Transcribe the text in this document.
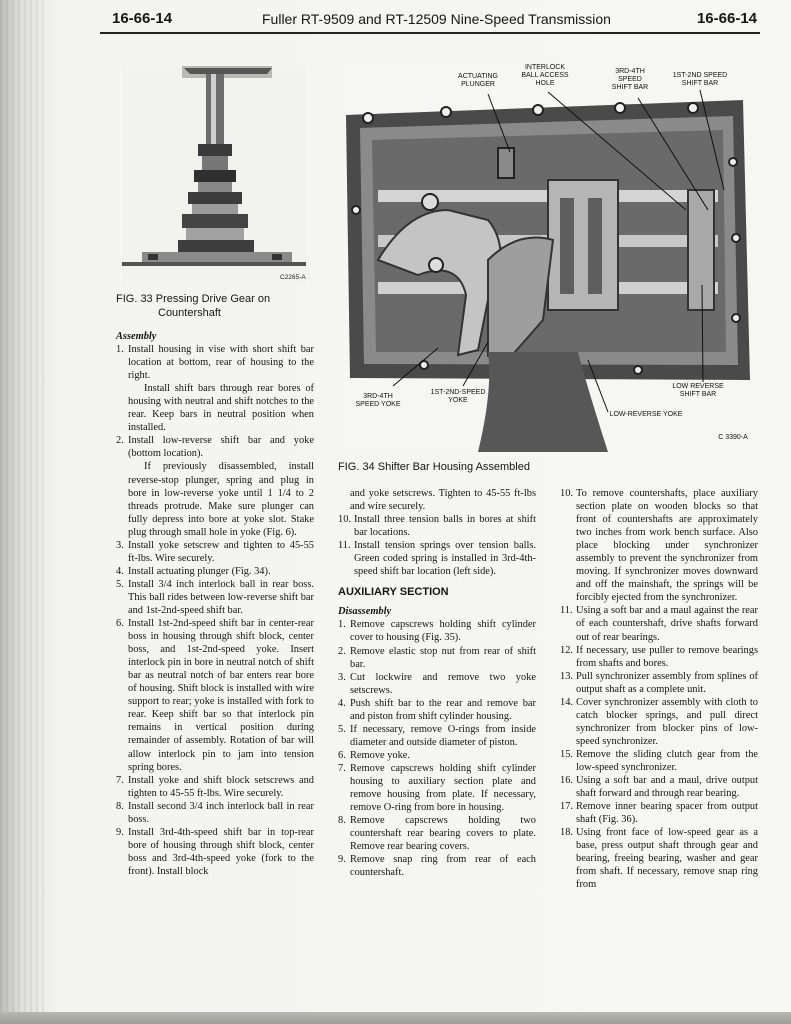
16-66-14	Fuller RT-9509 and RT-12509 Nine-Speed Transmission	16-66-14
C2265-A
FIG. 33 Pressing Drive Gear on
Countershaft
ACTUATING
PLUNGER
INTERLOCK
BALL ACCESS
HOLE
3RD-4TH
SPEED
SHIFT BAR
1ST-2ND SPEED
SHIFT BAR
3RD-4TH
SPEED YOKE
1ST-2ND-SPEED
YOKE
LOW REVERSE
SHIFT BAR
LOW-REVERSE YOKE
C 3390-A
FIG. 34 Shifter Bar Housing Assembled
Assembly
1. Install housing in vise with short shift bar location at bottom, rear of housing to the right.

Install shift bars through rear bores of housing with neutral and shift notches to the rear. Keep bars in neutral position when installed.

2. Install low-reverse shift bar and yoke (bottom location).

If previously disassembled, install reverse-stop plunger, spring and plug in bore in low-reverse yoke until 1 1/4 to 2 threads protrude. Make sure plunger can fully depress into bore at yoke slot. Stake plug through small hole in yoke (Fig. 6).

3. Install yoke setscrew and tighten to 45-55 ft-lbs. Wire securely.
4. Install actuating plunger (Fig. 34).
5. Install 3/4 inch interlock ball in rear boss. This ball rides between low-reverse shift bar and 1st-2nd-speed shift bar.
6. Install 1st-2nd-speed shift bar in center-rear boss in housing through shift block, center boss, and 1st-2nd-speed yoke. Insert interlock pin in bore in neutral notch of shift bar as neutral notch of bar enters rear bore of housing. Shift block is installed with wire support to rear; yoke is installed with fork to rear. Keep shift bar so that interlock pin remains in vertical position during remainder of assembly. Rotation of bar will allow interlock pin to jam into tension spring bores.
7. Install yoke and shift block setscrews and tighten to 45-55 ft-lbs. Wire securely.
8. Install second 3/4 inch interlock ball in rear boss.
9. Install 3rd-4th-speed shift bar in top-rear bore of housing through shift block, center boss and 3rd-4th-speed yoke (fork to the front). Install block

and yoke setscrews. Tighten to 45-55 ft-lbs and wire securely.

10. Install three tension balls in bores at shift bar locations.
11. Install tension springs over tension balls. Green coded spring is installed in 3rd-4th-speed shift bar location (left side).
AUXILIARY SECTION
Disassembly
1. Remove capscrews holding shift cylinder cover to housing (Fig. 35).
2. Remove elastic stop nut from rear of shift bar.
3. Cut lockwire and remove two yoke setscrews.
4. Push shift bar to the rear and remove bar and piston from shift cylinder housing.
5. If necessary, remove O-rings from inside diameter and outside diameter of piston.
6. Remove yoke.
7. Remove capscrews holding shift cylinder housing to auxiliary section plate and remove housing from plate. If necessary, remove O-ring from bore in housing.
8. Remove capscrews holding two countershaft rear bearing covers to plate. Remove rear bearing covers.
9. Remove snap ring from rear of each countershaft.
10. To remove countershafts, place auxiliary section plate on wooden blocks so that front of countershafts are approximately two inches from work bench surface. Also place blocking under synchronizer assembly to prevent the synchronizer from moving. If synchronizer moves downward and off the mainshaft, the springs will be forcibly ejected from the synchronizer.
11. Using a soft bar and a maul against the rear of each countershaft, drive shafts forward out of rear bearings.
12. If necessary, use puller to remove bearings from shafts and bores.
13. Pull synchronizer assembly from splines of output shaft as a complete unit.
14. Cover synchronizer assembly with cloth to catch blocker springs, and pull direct synchronizer from blocker pins of low-speed synchronizer.
15. Remove the sliding clutch gear from the low-speed synchronizer.
16. Using a soft bar and a maul, drive output shaft forward and through rear bearing.
17. Remove inner bearing spacer from output shaft (Fig. 36).
18. Using front face of low-speed gear as a base, press output shaft through gear and bearing, freeing bearing, washer and gear from shaft. If necessary, remove snap ring from
